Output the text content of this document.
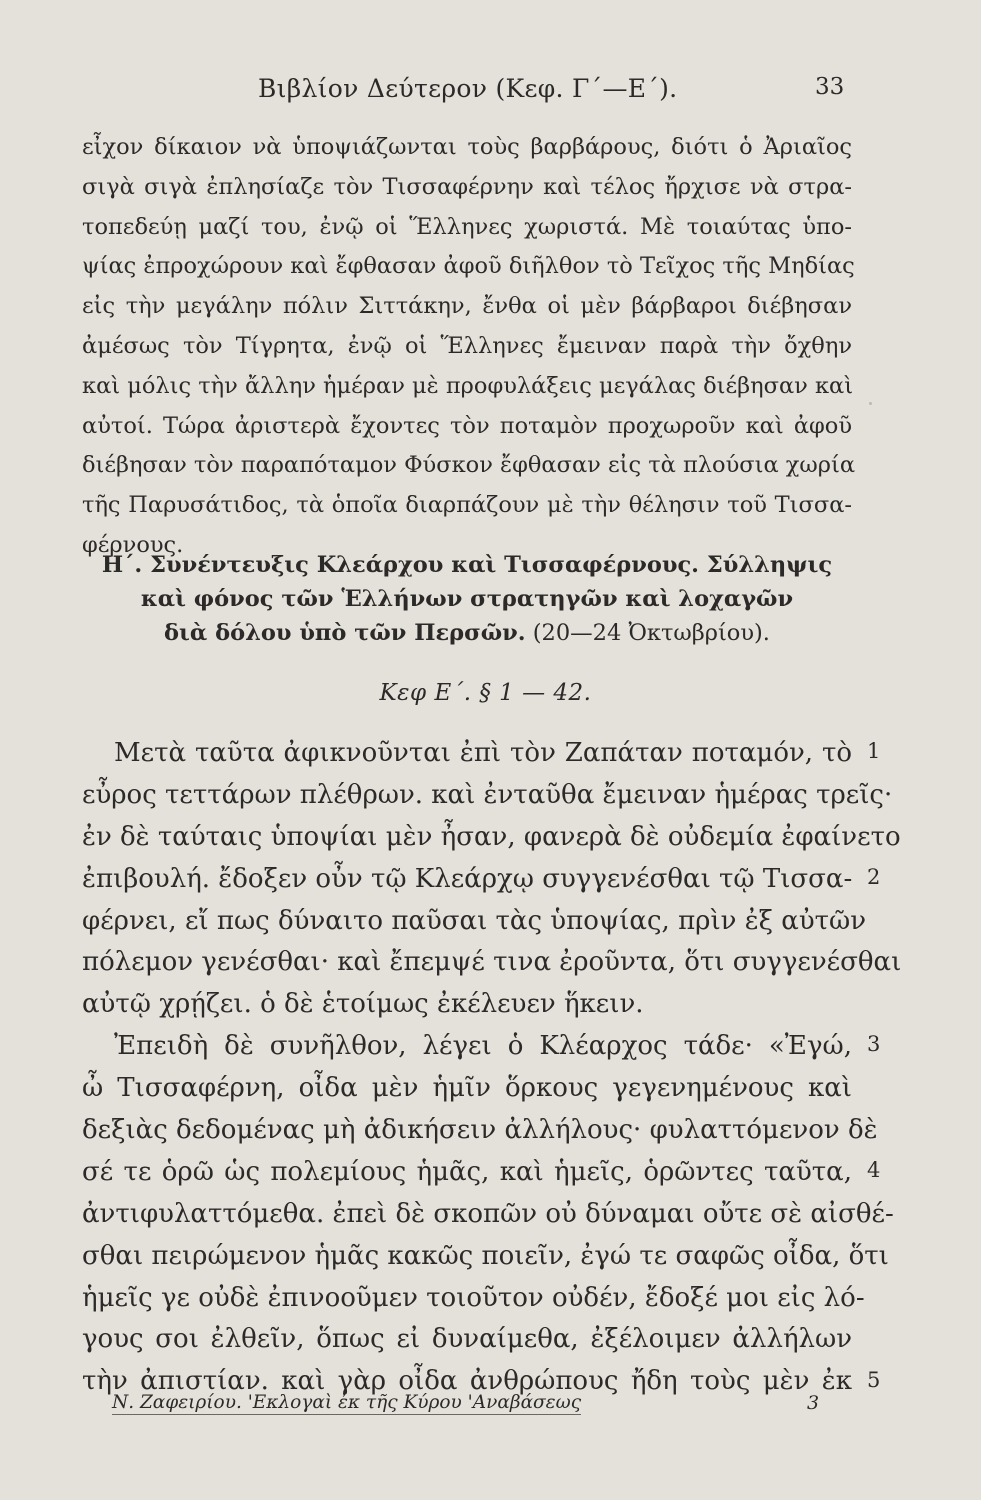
Βιβλίον Δεύτερον (Κεφ. Γ΄—Ε΄).	33
εἶχον δίκαιον νὰ ὑποψιάζωνται τοὺς βαρβάρους, διότι ὁ Ἀριαῖος
σιγὰ σιγὰ ἐπλησίαζε τὸν Τισσαφέρνην καὶ τέλος ἤρχισε νὰ στρα-
τοπεδεύῃ μαζί του, ἐνῷ οἱ Ἕλληνες χωριστά. Μὲ τοιαύτας ὑπο-
ψίας ἐπροχώρουν καὶ ἔφθασαν ἀφοῦ διῆλθον τὸ Τεῖχος τῆς Μηδίας
εἰς τὴν μεγάλην πόλιν Σιττάκην, ἔνθα οἱ μὲν βάρβαροι διέβησαν
ἀμέσως τὸν Τίγρητα, ἐνῷ οἱ Ἕλληνες ἔμειναν παρὰ τὴν ὄχθην
καὶ μόλις τὴν ἄλλην ἡμέραν μὲ προφυλάξεις μεγάλας διέβησαν καὶ
αὐτοί. Τώρα ἀριστερὰ ἔχοντες τὸν ποταμὸν προχωροῦν καὶ ἀφοῦ
διέβησαν τὸν παραπόταμον Φύσκον ἔφθασαν εἰς τὰ πλούσια χωρία
τῆς Παρυσάτιδος, τὰ ὁποῖα διαρπάζουν μὲ τὴν θέλησιν τοῦ Τισσα-
φέρνους.
Η΄. Συνέντευξις Κλεάρχου καὶ Τισσαφέρνους. Σύλληψις
καὶ φόνος τῶν Ἑλλήνων στρατηγῶν καὶ λοχαγῶν
διὰ δόλου ὑπὸ τῶν Περσῶν. (20—24 Ὀκτωβρίου).
Κεφ Ε΄. § 1 — 42.
Μετὰ ταῦτα ἀφικνοῦνται ἐπὶ τὸν Ζαπάταν ποταμόν, τὸ 1
εὖρος τεττάρων πλέθρων. καὶ ἐνταῦθα ἔμειναν ἡμέρας τρεῖς·
ἐν δὲ ταύταις ὑποψίαι μὲν ἦσαν, φανερὰ δὲ οὐδεμία ἐφαίνετο
ἐπιβουλή. ἔδοξεν οὖν τῷ Κλεάρχῳ συγγενέσθαι τῷ Τισσα- 2
φέρνει, εἴ πως δύναιτο παῦσαι τὰς ὑποψίας, πρὶν ἐξ αὐτῶν
πόλεμον γενέσθαι· καὶ ἔπεμψέ τινα ἐροῦντα, ὅτι συγγενέσθαι
αὐτῷ χρῄζει. ὁ δὲ ἑτοίμως ἐκέλευεν ἥκειν.
Ἐπειδὴ δὲ συνῆλθον, λέγει ὁ Κλέαρχος τάδε· «Ἐγώ, 3
ὦ Τισσαφέρνη, οἶδα μὲν ἡμῖν ὅρκους γεγενημένους καὶ
δεξιὰς δεδομένας μὴ ἀδικήσειν ἀλλήλους· φυλαττόμενον δὲ
σέ τε ὁρῶ ὡς πολεμίους ἡμᾶς, καὶ ἡμεῖς, ὁρῶντες ταῦτα, 4
ἀντιφυλαττόμεθα. ἐπεὶ δὲ σκοπῶν οὐ δύναμαι οὔτε σὲ αἰσθέ-
σθαι πειρώμενον ἡμᾶς κακῶς ποιεῖν, ἐγώ τε σαφῶς οἶδα, ὅτι
ἡμεῖς γε οὐδὲ ἐπινοοῦμεν τοιοῦτον οὐδέν, ἔδοξέ μοι εἰς λό-
γους σοι ἐλθεῖν, ὅπως εἰ δυναίμεθα, ἐξέλοιμεν ἀλλήλων
τὴν ἀπιστίαν. καὶ γὰρ οἶδα ἀνθρώπους ἤδη τοὺς μὲν ἐκ 5
Ν. Ζαφειρίου. 'Εκλογαὶ ἐκ τῆς Κύρου 'Αναβάσεως	3
